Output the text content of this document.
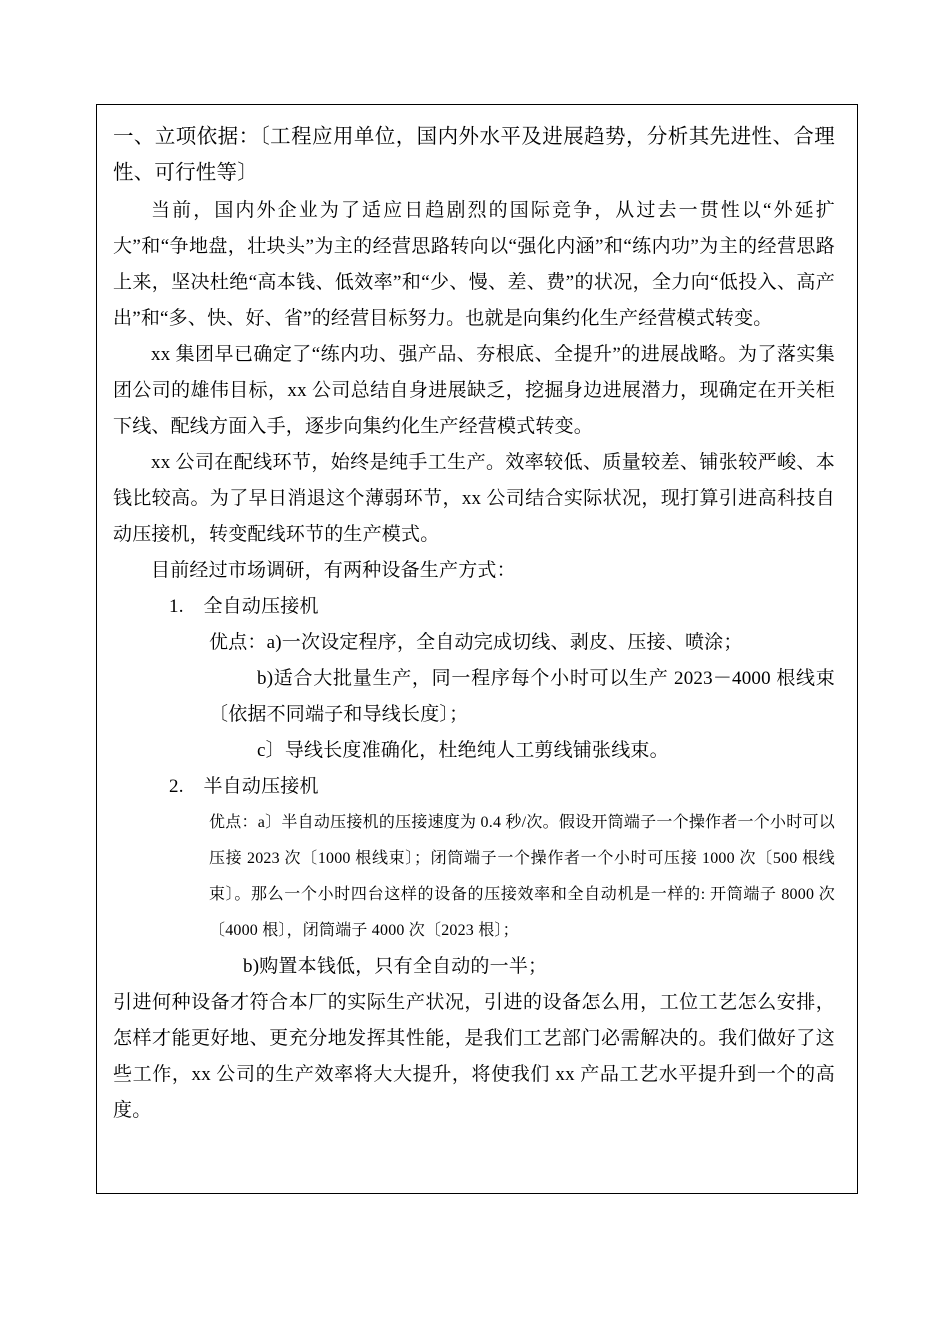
一、立项依据：〔工程应用单位，国内外水平及进展趋势，分析其先进性、合理性、可行性等〕

当前，国内外企业为了适应日趋剧烈的国际竞争，从过去一贯性以“外延扩大”和“争地盘，壮块头”为主的经营思路转向以“强化内涵”和“练内功”为主的经营思路上来，坚决杜绝“高本钱、低效率”和“少、慢、差、费”的状况，全力向“低投入、高产出”和“多、快、好、省”的经营目标努力。也就是向集约化生产经营模式转变。

xx 集团早已确定了“练内功、强产品、夯根底、全提升”的进展战略。为了落实集团公司的雄伟目标，xx 公司总结自身进展缺乏，挖掘身边进展潜力，现确定在开关柜下线、配线方面入手，逐步向集约化生产经营模式转变。

xx 公司在配线环节，始终是纯手工生产。效率较低、质量较差、铺张较严峻、本钱比较高。为了早日消退这个薄弱环节，xx 公司结合实际状况，现打算引进高科技自动压接机，转变配线环节的生产模式。

目前经过市场调研，有两种设备生产方式：

1. 全自动压接机
优点：a)一次设定程序，全自动完成切线、剥皮、压接、喷涂；
b)适合大批量生产，同一程序每个小时可以生产 2023－4000 根线束〔依据不同端子和导线长度〕；
c〕导线长度准确化，杜绝纯人工剪线铺张线束。
2. 半自动压接机
优点：a〕半自动压接机的压接速度为 0.4 秒/次。假设开筒端子一个操作者一个小时可以压接 2023 次〔1000 根线束〕；闭筒端子一个操作者一个小时可压接 1000 次〔500 根线束〕。那么一个小时四台这样的设备的压接效率和全自动机是一样的: 开筒端子 8000 次〔4000 根〕，闭筒端子 4000 次〔2023 根〕；
b)购置本钱低，只有全自动的一半；

引进何种设备才符合本厂的实际生产状况，引进的设备怎么用，工位工艺怎么安排，怎样才能更好地、更充分地发挥其性能，是我们工艺部门必需解决的。我们做好了这些工作，xx 公司的生产效率将大大提升，将使我们 xx 产品工艺水平提升到一个的高度。
